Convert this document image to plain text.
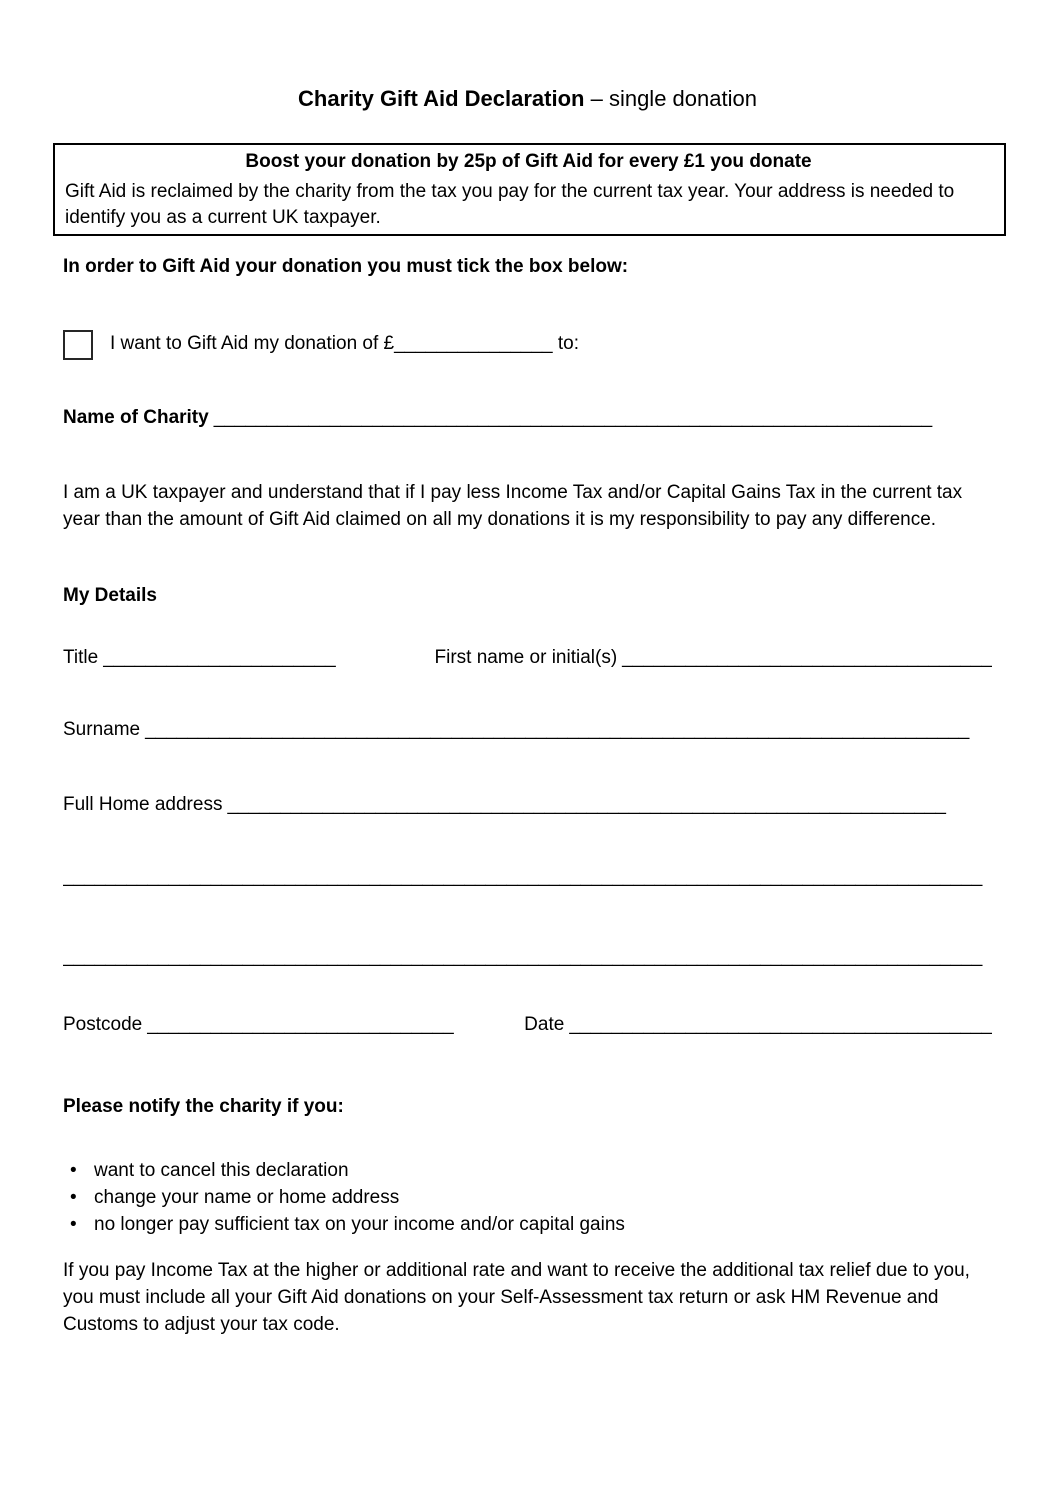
Charity Gift Aid Declaration – single donation
Boost your donation by 25p of Gift Aid for every £1 you donate

Gift Aid is reclaimed by the charity from the tax you pay for the current tax year. Your address is needed to identify you as a current UK taxpayer.

In order to Gift Aid your donation you must tick the box below:
I want to Gift Aid my donation of £_______________ to:
Name of Charity ____________________________________________________________________

I am a UK taxpayer and understand that if I pay less Income Tax and/or Capital Gains Tax in the current tax year than the amount of Gift Aid claimed on all my donations it is my responsibility to pay any difference.

My Details
Title ______________________	First name or initial(s) ___________________________________
Surname ______________________________________________________________________________
Full Home address ____________________________________________________________________
_______________________________________________________________________________________
_______________________________________________________________________________________
Postcode _____________________________	Date ________________________________________
Please notify the charity if you:
• want to cancel this declaration
• change your name or home address
• no longer pay sufficient tax on your income and/or capital gains

If you pay Income Tax at the higher or additional rate and want to receive the additional tax relief due to you, you must include all your Gift Aid donations on your Self-Assessment tax return or ask HM Revenue and Customs to adjust your tax code.
